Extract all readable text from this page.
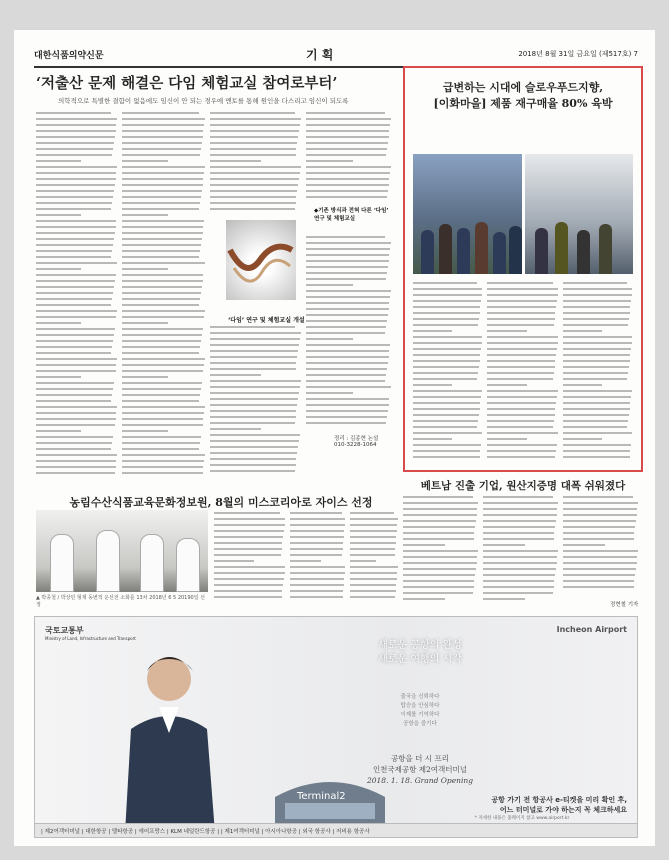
대한식품의약신문	기 획	2018년 8월 31일 금요일 (제517호) 7
‘저출산 문제 해결은 다임 체험교실 참여로부터’
의학적으로 특별한 결함이 없음에도 임신이 안 되는 경우에 멘토를 통해 원인을 다스리고 임신이 되도록
‘다임’ 연구 및 체험교실 개설
◆기존 방식과 전혀 다른 ‘다임’ 연구 및 체험교실
정리 : 김종현 논설
010-3228-1064
급변하는 시대에 슬로우푸드지향,
[이화마을] 제품 재구매율 80% 육박
베트남 진출 기업, 원산지증명 대폭 쉬워졌다
정현철 기자
농림수산식품교육문화정보원, 8월의 미스코리아로 자이스 선정
▲ 박종철 / 박상민 형제 동변적 운선전 소화를 13차 2018년 6 5 20190일 선정
국토교통부
Ministry of Land, Infrastructure and Transport
Incheon Airport
Terminal2
새로운 공항의 완성
새로운 여행의 시작
출국을 신뢰하다
탑승을 안심하다
이제를 기억하다
공항을 즐기다
공항을 더 시 프리
인천국제공항 제2여객터미널
2018. 1. 18. Grand Opening
공항 가기 전 항공사 e-티켓을 미리 확인 후,
어느 터미널로 가야 하는지 꼭 체크하세요
* 자세한 내용은 홈페이지 참고 www.airport.kr
| 제2여객터미널 | 대한항공 | 델타항공 | 에어프랑스 | KLM 네덜란드항공 | | 제1여객터미널 | 아시아나항공 | 외국 항공사 | 저비용 항공사
